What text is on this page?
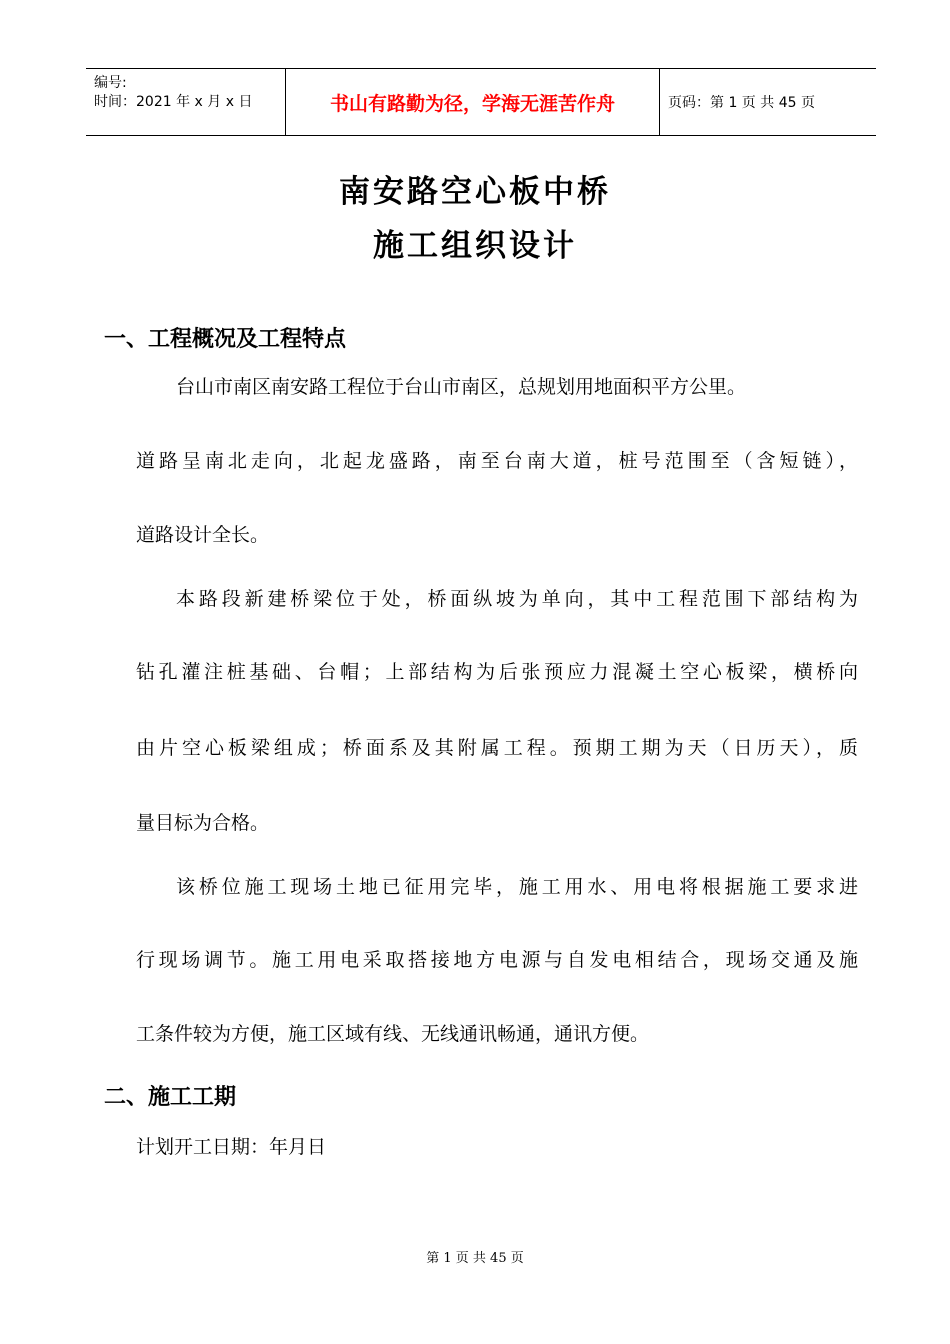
编号:
时间：2021 年 x 月 x 日	书山有路勤为径，学海无涯苦作舟	页码：第 1 页 共 45 页
南安路空心板中桥
施工组织设计
一、工程概况及工程特点
台山市南区南安路工程位于台山市南区，总规划用地面积平方公里。
道路呈南北走向，北起龙盛路，南至台南大道，桩号范围至（含短链），
道路设计全长。
本路段新建桥梁位于处，桥面纵坡为单向，其中工程范围下部结构为
钻孔灌注桩基础、台帽；上部结构为后张预应力混凝土空心板梁，横桥向
由片空心板梁组成；桥面系及其附属工程。预期工期为天（日历天），质
量目标为合格。
该桥位施工现场土地已征用完毕，施工用水、用电将根据施工要求进
行现场调节。施工用电采取搭接地方电源与自发电相结合，现场交通及施
工条件较为方便，施工区域有线、无线通讯畅通，通讯方便。
二、施工工期
计划开工日期：年月日
第 1 页 共 45 页
